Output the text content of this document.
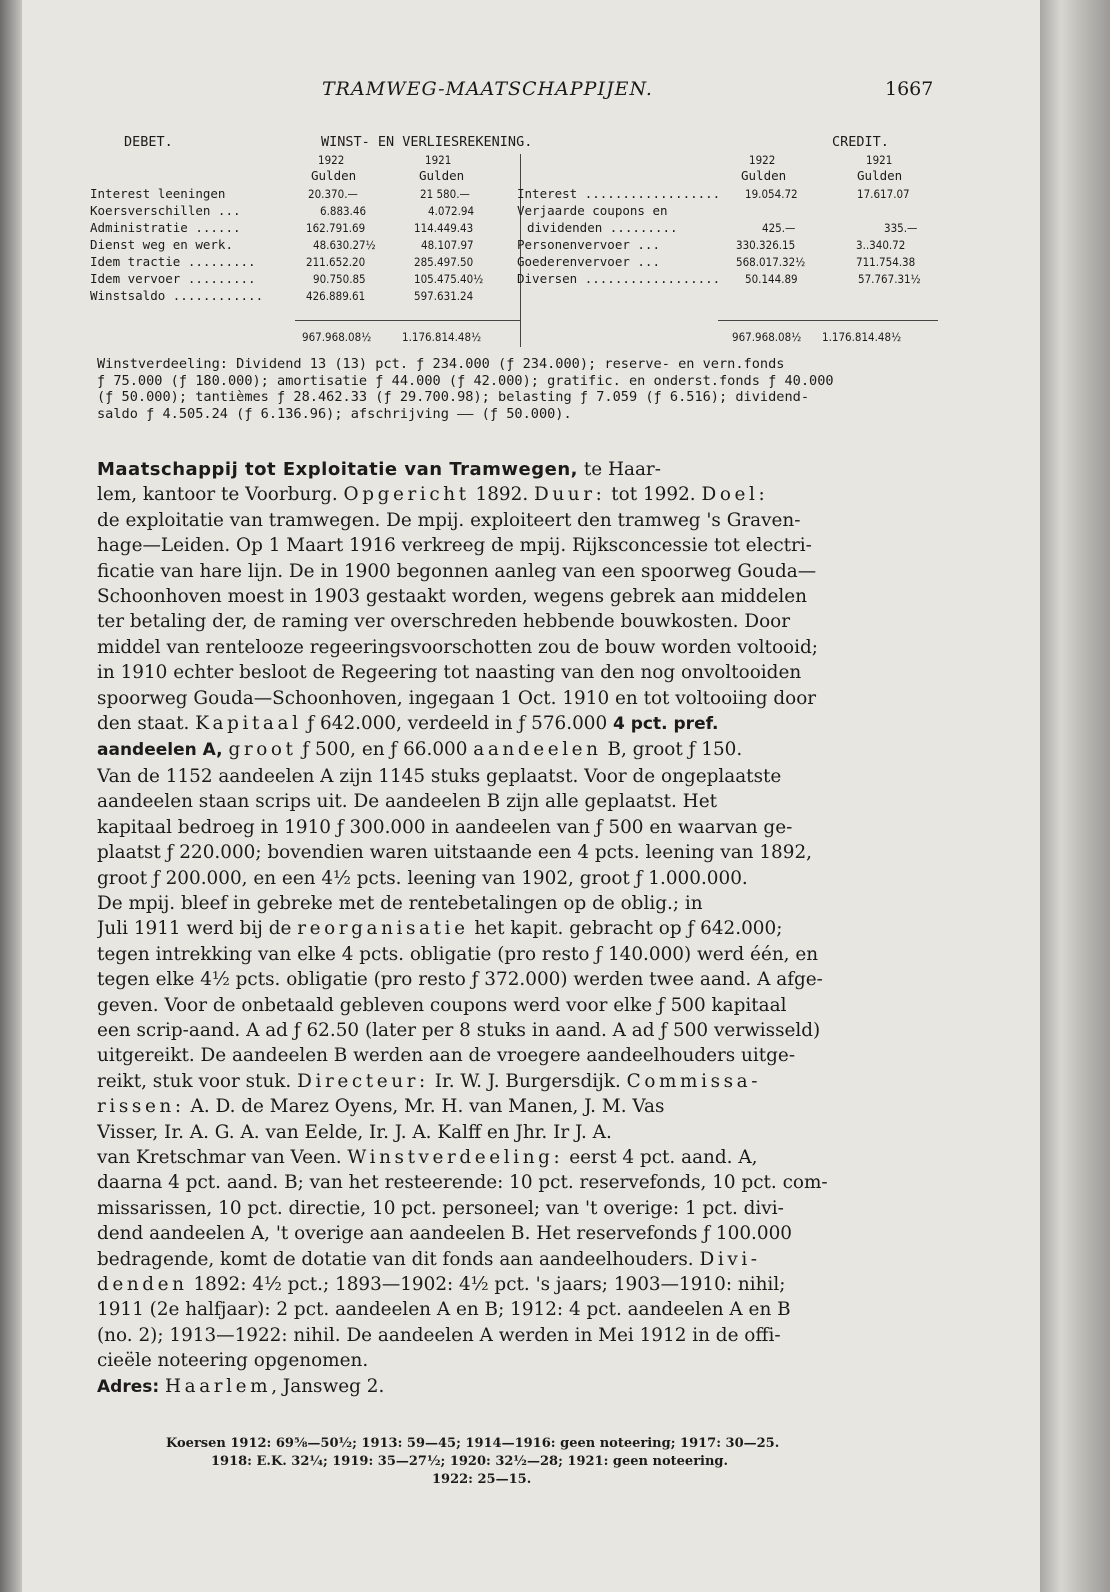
TRAMWEG-MAATSCHAPPIJEN.	1667
DEBET.	WINST- EN VERLIESREKENING.	CREDIT.
1922	1921	1922	1921
Gulden	Gulden	Gulden	Gulden
Interest leeningen	20.370.—	21 580.—
Koersverschillen ...	6.883.46	4.072.94
Administratie ......	162.791.69	114.449.43
Dienst weg en werk.	48.630.27½	48.107.97
Idem tractie .........	211.652.20	285.497.50
Idem vervoer .........	90.750.85	105.475.40½
Winstsaldo ............	426.889.61	597.631.24
967.968.08½	1.176.814.48½
Interest .................. 19.054.72	17.617.07
Verjaarde coupons en
dividenden .........	425.—	335.—
Personenvervoer ...	330.326.15	3..340.72
Goederenvervoer ...	568.017.32½	711.754.38
Diversen .................. 50.144.89	57.767.31½
967.968.08½ 1.176.814.48½
Winstverdeeling: Dividend 13 (13) pct. ƒ 234.000 (ƒ 234.000); reserve- en vern.fonds
ƒ 75.000 (ƒ 180.000); amortisatie ƒ 44.000 (ƒ 42.000); gratific. en onderst.fonds ƒ 40.000
(ƒ 50.000); tantièmes ƒ 28.462.33 (ƒ 29.700.98); belasting ƒ 7.059 (ƒ 6.516); dividend-
saldo ƒ 4.505.24 (ƒ 6.136.96); afschrijving —— (ƒ 50.000).
Maatschappij tot Exploitatie van Tramwegen, te Haar-
lem, kantoor te Voorburg. Opgericht 1892. Duur: tot 1992. Doel:
de exploitatie van tramwegen. De mpij. exploiteert den tramweg 's Graven-
hage—Leiden. Op 1 Maart 1916 verkreeg de mpij. Rijksconcessie tot electri-
ficatie van hare lijn. De in 1900 begonnen aanleg van een spoorweg Gouda—
Schoonhoven moest in 1903 gestaakt worden, wegens gebrek aan middelen
ter betaling der, de raming ver overschreden hebbende bouwkosten. Door
middel van rentelooze regeeringsvoorschotten zou de bouw worden voltooid;
in 1910 echter besloot de Regeering tot naasting van den nog onvoltooiden
spoorweg Gouda—Schoonhoven, ingegaan 1 Oct. 1910 en tot voltooiing door
den staat. Kapitaal ƒ 642.000, verdeeld in ƒ 576.000 4 pct. pref.
aandeelen A, groot ƒ 500, en ƒ 66.000 aandeelen B, groot ƒ 150.
Van de 1152 aandeelen A zijn 1145 stuks geplaatst. Voor de ongeplaatste
aandeelen staan scrips uit. De aandeelen B zijn alle geplaatst. Het
kapitaal bedroeg in 1910 ƒ 300.000 in aandeelen van ƒ 500 en waarvan ge-
plaatst ƒ 220.000; bovendien waren uitstaande een 4 pcts. leening van 1892,
groot ƒ 200.000, en een 4½ pcts. leening van 1902, groot ƒ 1.000.000.
De mpij. bleef in gebreke met de rentebetalingen op de oblig.; in
Juli 1911 werd bij de reorganisatie het kapit. gebracht op ƒ 642.000;
tegen intrekking van elke 4 pcts. obligatie (pro resto ƒ 140.000) werd één, en
tegen elke 4½ pcts. obligatie (pro resto ƒ 372.000) werden twee aand. A afge-
geven. Voor de onbetaald gebleven coupons werd voor elke ƒ 500 kapitaal
een scrip-aand. A ad ƒ 62.50 (later per 8 stuks in aand. A ad ƒ 500 verwisseld)
uitgereikt. De aandeelen B werden aan de vroegere aandeelhouders uitge-
reikt, stuk voor stuk. Directeur: Ir. W. J. Burgersdijk. Commissa-
rissen: A. D. de Marez Oyens, Mr. H. van Manen, J. M. Vas
Visser, Ir. A. G. A. van Eelde, Ir. J. A. Kalff en Jhr. Ir J. A.
van Kretschmar van Veen. Winstverdeeling: eerst 4 pct. aand. A,
daarna 4 pct. aand. B; van het resteerende: 10 pct. reservefonds, 10 pct. com-
missarissen, 10 pct. directie, 10 pct. personeel; van 't overige: 1 pct. divi-
dend aandeelen A, 't overige aan aandeelen B. Het reservefonds ƒ 100.000
bedragende, komt de dotatie van dit fonds aan aandeelhouders. Divi-
denden 1892: 4½ pct.; 1893—1902: 4½ pct. 's jaars; 1903—1910: nihil;
1911 (2e halfjaar): 2 pct. aandeelen A en B; 1912: 4 pct. aandeelen A en B
(no. 2); 1913—1922: nihil. De aandeelen A werden in Mei 1912 in de offi-
cieële noteering opgenomen.
Adres: Haarlem, Jansweg 2.
Koersen 1912: 69⅝—50½; 1913: 59—45; 1914—1916: geen noteering; 1917: 30—25.
1918: E.K. 32¼; 1919: 35—27½; 1920: 32½—28; 1921: geen noteering.
1922: 25—15.
